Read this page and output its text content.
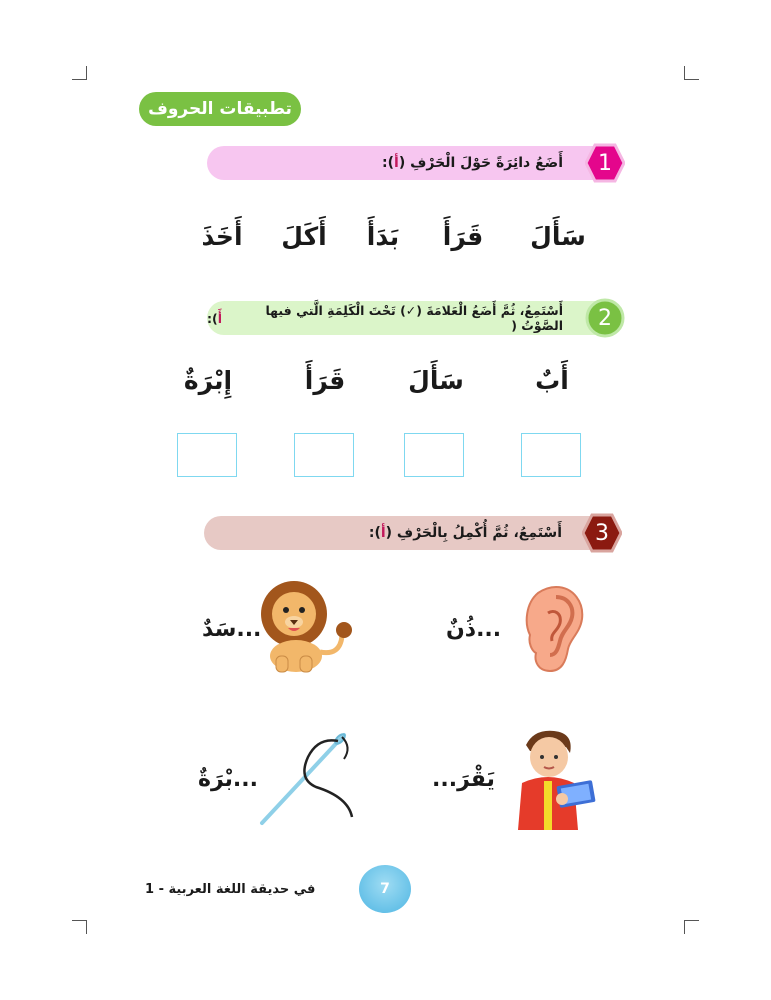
تطبيقات الحروف
أَضَعُ دائِرَةً حَوْلَ الْحَرْفِ (
أ
):	1
سَأَلَ
قَرَأَ
بَدَأَ
أَكَلَ
أَخَذَ
أَسْتَمِعُ، ثُمَّ أَضَعُ الْعَلامَةَ (✓) تَحْتَ الْكَلِمَةِ الَّتي فيها الصَّوْتُ (
أَ
):	2
أَبٌ
سَأَلَ
قَرَأَ
إِبْرَةٌ
أَسْتَمِعُ، ثُمَّ أُكْمِلُ بِالْحَرْفِ (
أ
):	3
...ذُنٌ
...سَدٌ
يَقْرَ...
...بْرَةٌ
في حديقة اللغة العربية - 1	7
